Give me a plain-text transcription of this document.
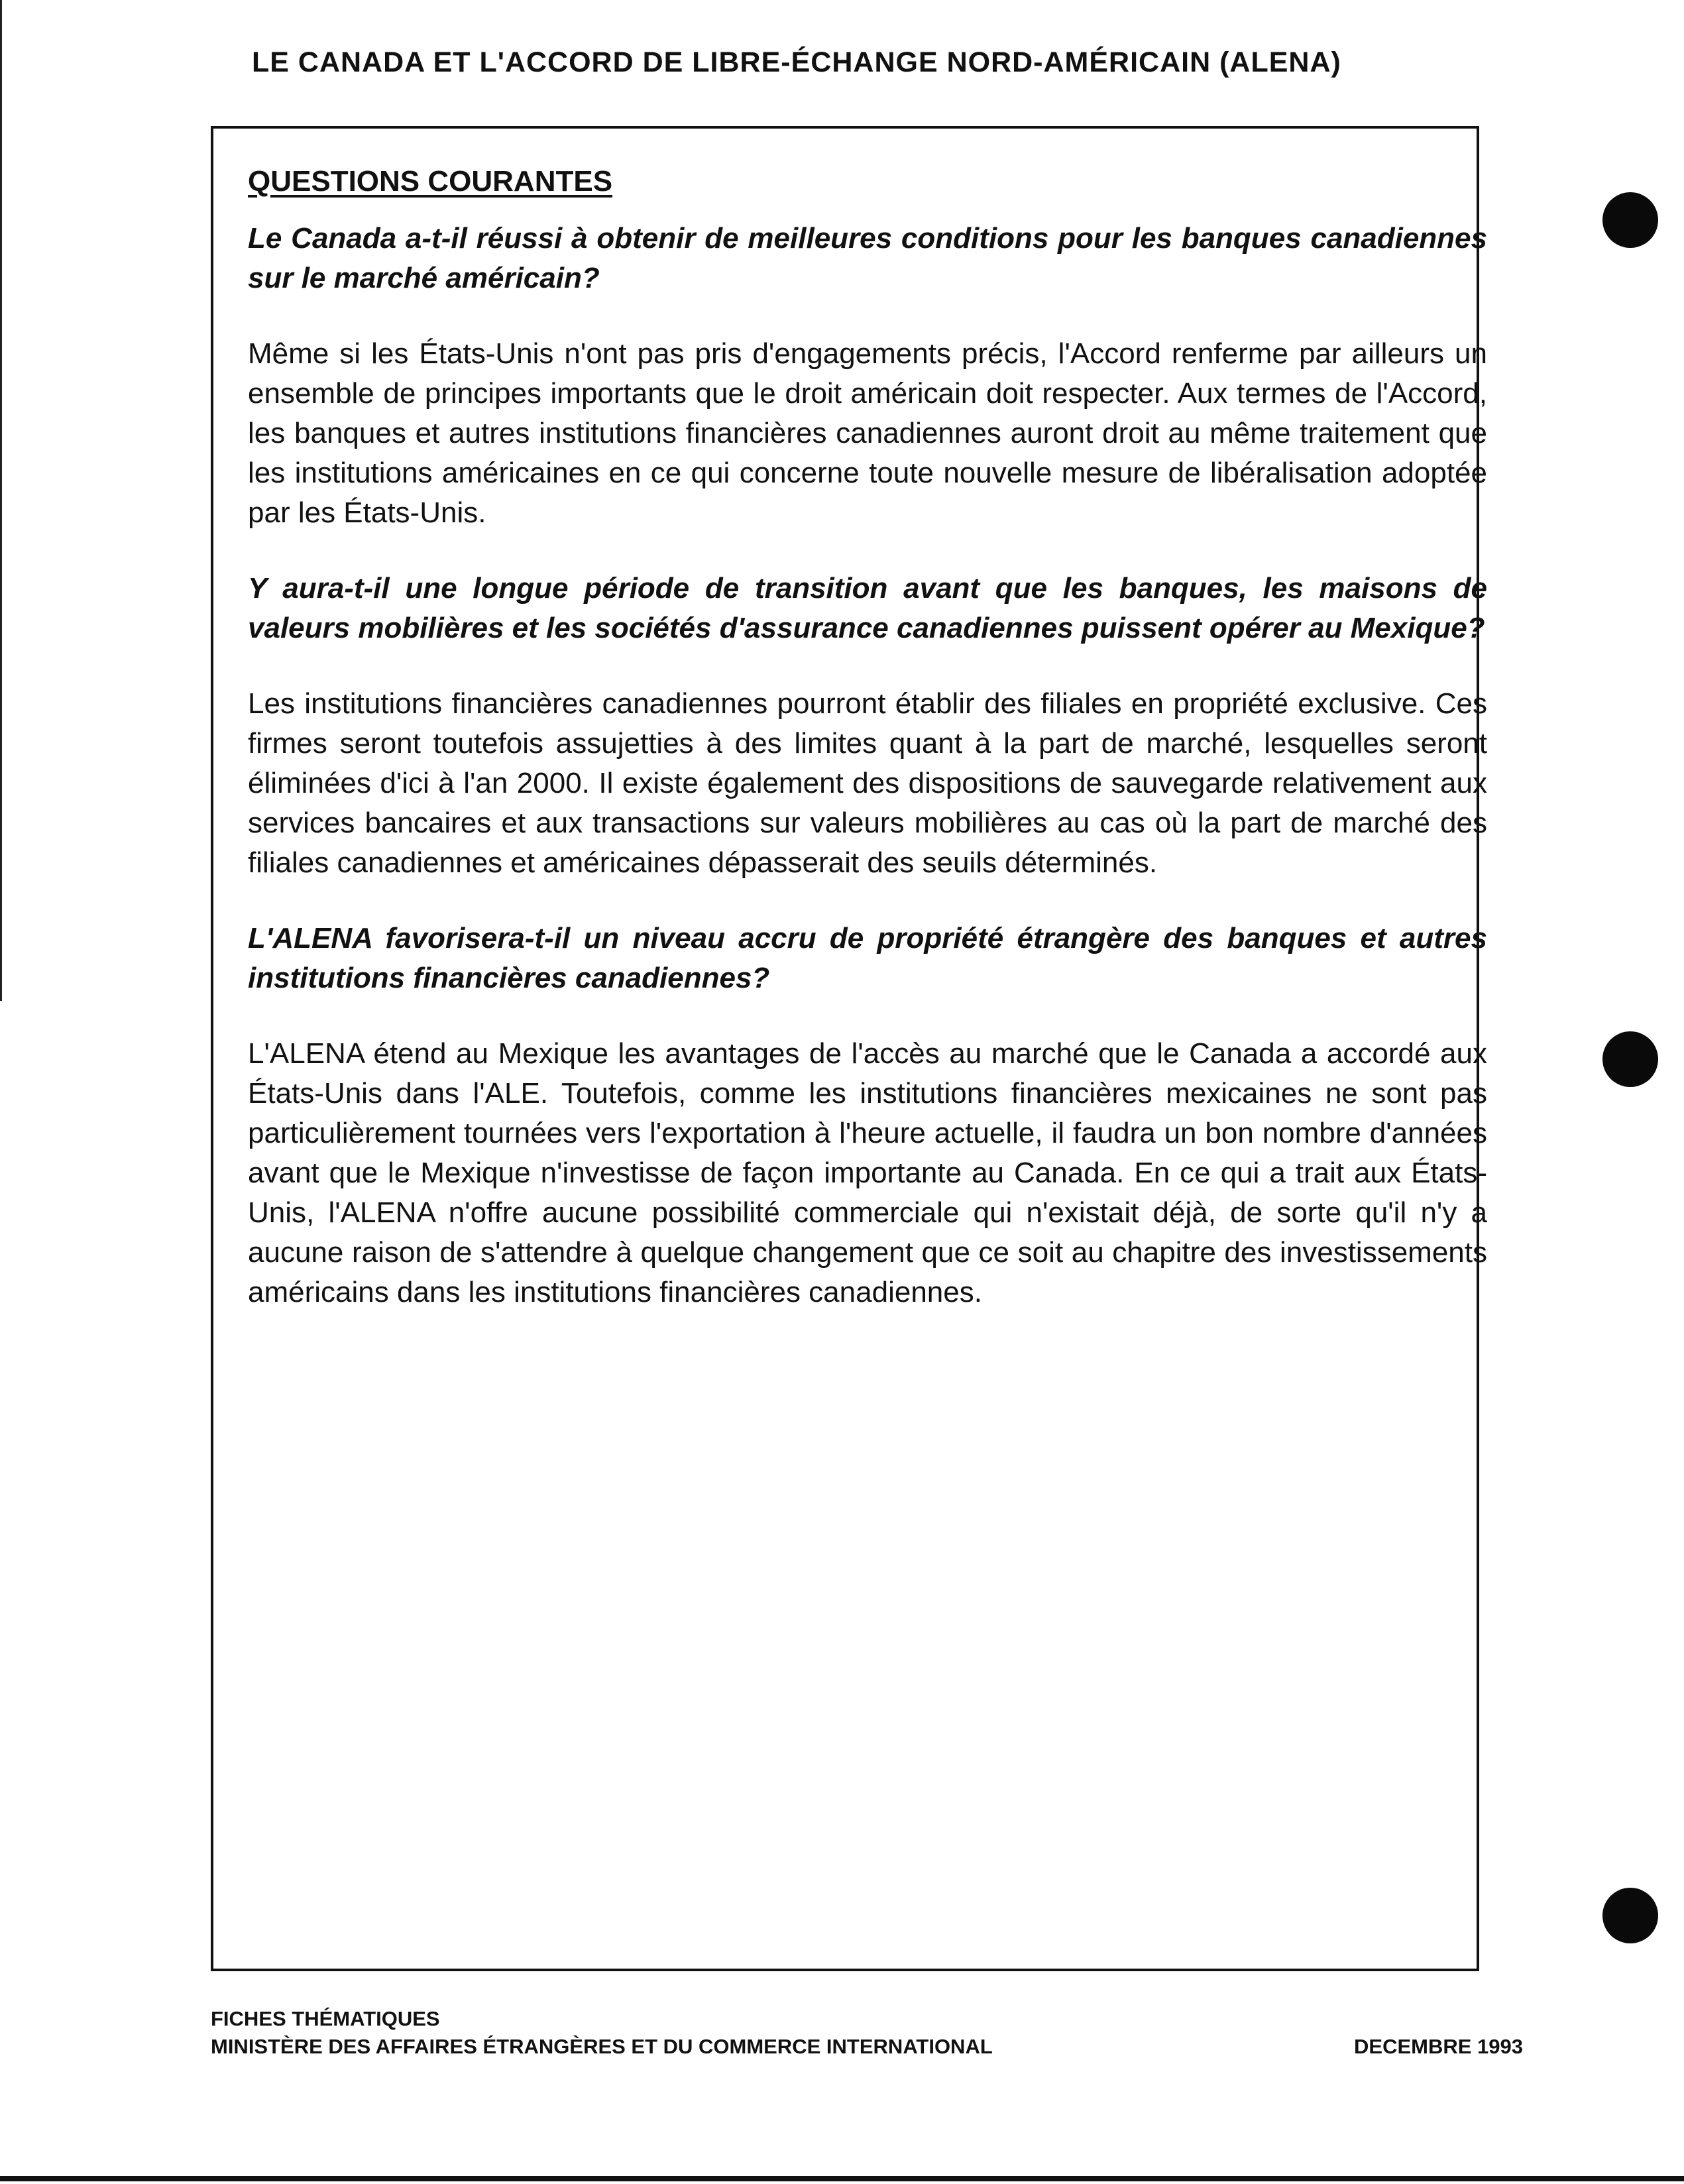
LE CANADA ET L'ACCORD DE LIBRE-ÉCHANGE NORD-AMÉRICAIN (ALENA)
QUESTIONS COURANTES
Le Canada a-t-il réussi à obtenir de meilleures conditions pour les banques canadiennes sur le marché américain?
Même si les États-Unis n'ont pas pris d'engagements précis, l'Accord renferme par ailleurs un ensemble de principes importants que le droit américain doit respecter. Aux termes de l'Accord, les banques et autres institutions financières canadiennes auront droit au même traitement que les institutions américaines en ce qui concerne toute nouvelle mesure de libéralisation adoptée par les États-Unis.
Y aura-t-il une longue période de transition avant que les banques, les maisons de valeurs mobilières et les sociétés d'assurance canadiennes puissent opérer au Mexique?
Les institutions financières canadiennes pourront établir des filiales en propriété exclusive. Ces firmes seront toutefois assujetties à des limites quant à la part de marché, lesquelles seront éliminées d'ici à l'an 2000. Il existe également des dispositions de sauvegarde relativement aux services bancaires et aux transactions sur valeurs mobilières au cas où la part de marché des filiales canadiennes et américaines dépasserait des seuils déterminés.
L'ALENA favorisera-t-il un niveau accru de propriété étrangère des banques et autres institutions financières canadiennes?
L'ALENA étend au Mexique les avantages de l'accès au marché que le Canada a accordé aux États-Unis dans l'ALE. Toutefois, comme les institutions financières mexicaines ne sont pas particulièrement tournées vers l'exportation à l'heure actuelle, il faudra un bon nombre d'années avant que le Mexique n'investisse de façon importante au Canada. En ce qui a trait aux États-Unis, l'ALENA n'offre aucune possibilité commerciale qui n'existait déjà, de sorte qu'il n'y a aucune raison de s'attendre à quelque changement que ce soit au chapitre des investissements américains dans les institutions financières canadiennes.
FICHES THÉMATIQUES
MINISTÈRE DES AFFAIRES ÉTRANGÈRES ET DU COMMERCE INTERNATIONAL	DECEMBRE 1993
